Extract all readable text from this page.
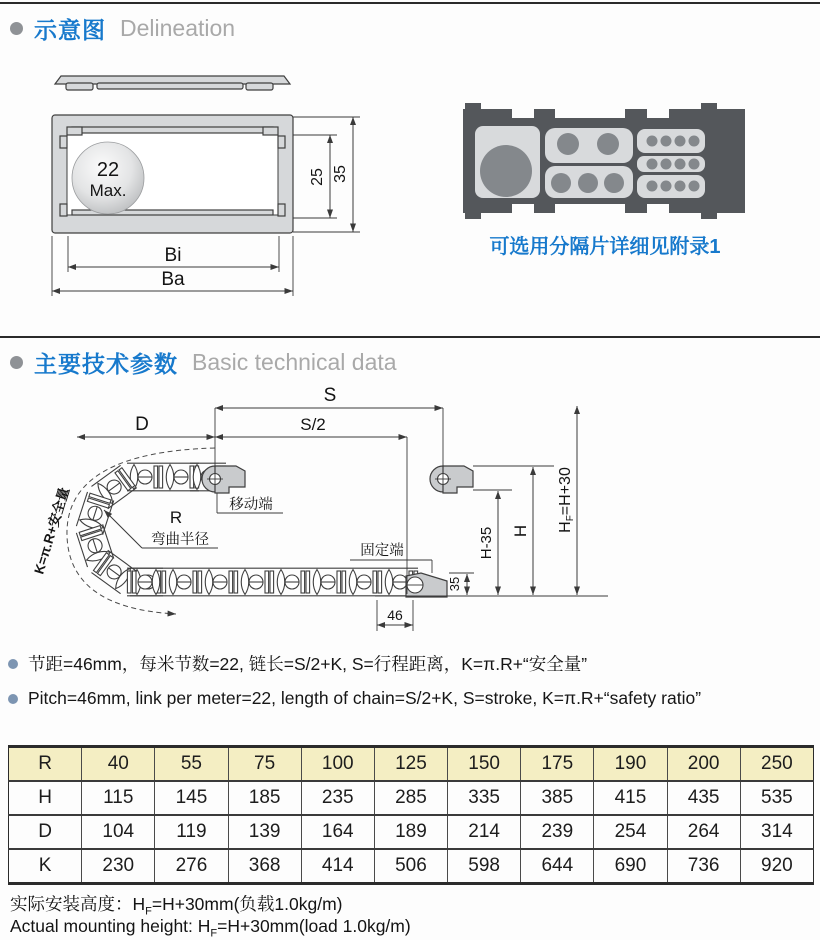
示意图 Delineation
22
Max.
25 35
Bi
Ba
可选用分隔片详细见附录1
主要技术参数 Basic technical data
S
S/2
D
K=π.R+安全量	R
弯曲半径
移动端
固定端	H-35 H HF=H+30
35
46
节距=46mm，每米节数=22, 链长=S/2+K, S=行程距离，K=π.R+“安全量”
Pitch=46mm, link per meter=22, length of chain=S/2+K, S=stroke, K=π.R+“safety ratio”
R	40	55	75	100	125	150	175	190	200	250
H	115	145	185	235	285	335	385	415	435	535
D	104	119	139	164	189	214	239	254	264	314
K	230	276	368	414	506	598	644	690	736	920
实际安装高度：$H_F=H+30mm$(负载1.0kg/m)
Actual mounting height: $H_F=H+30mm(load$ 1.0kg/m)
